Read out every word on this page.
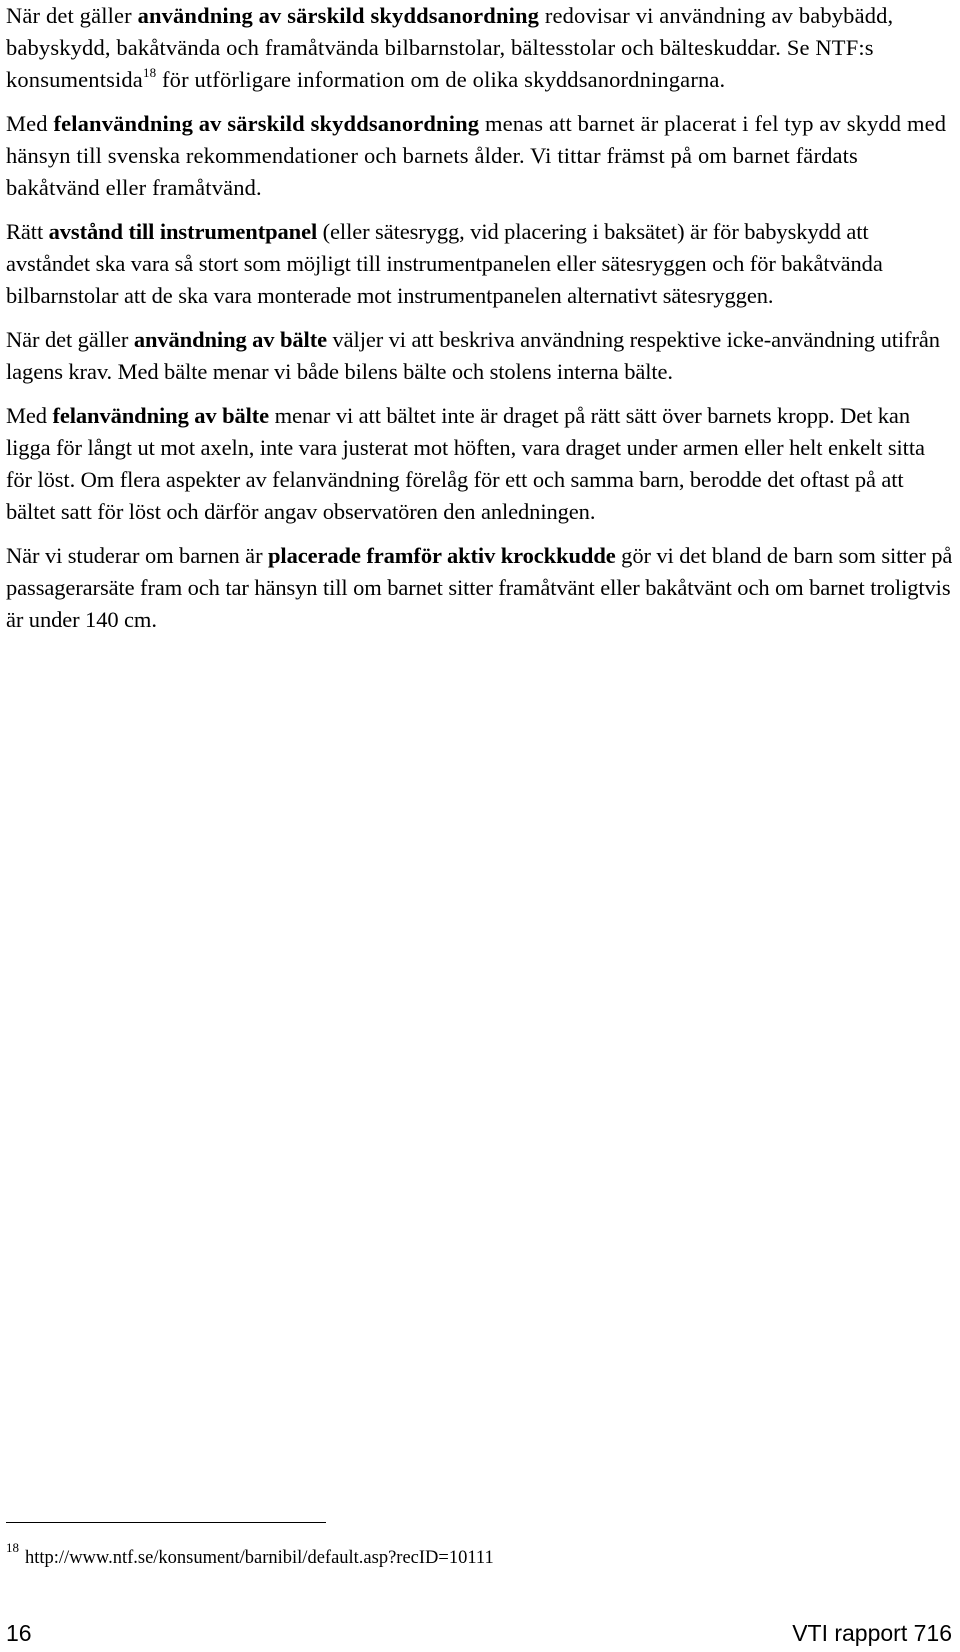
När det gäller användning av särskild skyddsanordning redovisar vi användning av babybädd, babyskydd, bakåtvända och framåtvända bilbarnstolar, bältesstolar och bälteskuddar. Se NTF:s konsumentsida$^{18}$ för utförligare information om de olika skyddsanordningarna.

Med felanvändning av särskild skyddsanordning menas att barnet är placerat i fel typ av skydd med hänsyn till svenska rekommendationer och barnets ålder. Vi tittar främst på om barnet färdats bakåtvänd eller framåtvänd.

Rätt avstånd till instrumentpanel (eller sätesrygg, vid placering i baksätet) är för babyskydd att avståndet ska vara så stort som möjligt till instrumentpanelen eller sätesryggen och för bakåtvända bilbarnstolar att de ska vara monterade mot instrumentpanelen alternativt sätesryggen.

När det gäller användning av bälte väljer vi att beskriva användning respektive icke-användning utifrån lagens krav. Med bälte menar vi både bilens bälte och stolens interna bälte.

Med felanvändning av bälte menar vi att bältet inte är draget på rätt sätt över barnets kropp. Det kan ligga för långt ut mot axeln, inte vara justerat mot höften, vara draget under armen eller helt enkelt sitta för löst. Om flera aspekter av felanvändning förelåg för ett och samma barn, berodde det oftast på att bältet satt för löst och därför angav observatören den anledningen.

När vi studerar om barnen är placerade framför aktiv krockkudde gör vi det bland de barn som sitter på passagerarsäte fram och tar hänsyn till om barnet sitter framåtvänt eller bakåtvänt och om barnet troligtvis är under 140 cm.

$^{18}$http://www.ntf.se/konsument/barnibil/default.asp?recID=10111
16	VTI rapport 716
